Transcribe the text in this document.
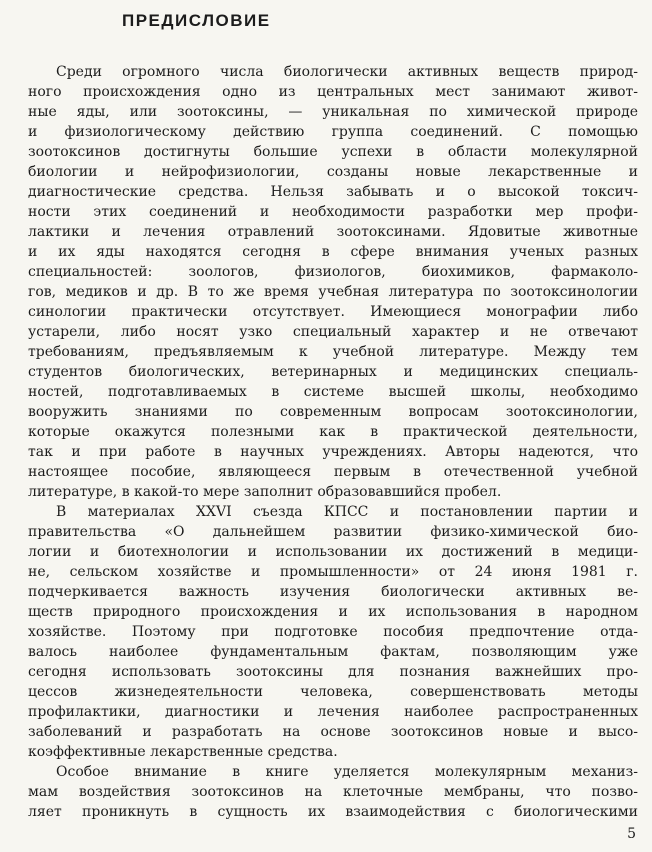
ПРЕДИСЛОВИЕ
Среди огромного числа биологически активных веществ природ-
ного происхождения одно из центральных мест занимают живот-
ные яды, или зоотоксины, — уникальная по химической природе
и физиологическому действию группа соединений. С помощью
зоотоксинов достигнуты большие успехи в области молекулярной
биологии и нейрофизиологии, созданы новые лекарственные и
диагностические средства. Нельзя забывать и о высокой токсич-
ности этих соединений и необходимости разработки мер профи-
лактики и лечения отравлений зоотоксинами. Ядовитые животные
и их яды находятся сегодня в сфере внимания ученых разных
специальностей: зоологов, физиологов, биохимиков, фармаколо-
гов, медиков и др. В то же время учебная литература по зоотоксинологии
синологии практически отсутствует. Имеющиеся монографии либо
устарели, либо носят узко специальный характер и не отвечают
требованиям, предъявляемым к учебной литературе. Между тем
студентов биологических, ветеринарных и медицинских специаль-
ностей, подготавливаемых в системе высшей школы, необходимо
вооружить знаниями по современным вопросам зоотоксинологии,
которые окажутся полезными как в практической деятельности,
так и при работе в научных учреждениях. Авторы надеются, что
настоящее пособие, являющееся первым в отечественной учебной
литературе, в какой-то мере заполнит образовавшийся пробел.
В материалах XXVI съезда КПСС и постановлении партии и
правительства «О дальнейшем развитии физико-химической био-
логии и биотехнологии и использовании их достижений в медици-
не, сельском хозяйстве и промышленности» от 24 июня 1981 г.
подчеркивается важность изучения биологически активных ве-
ществ природного происхождения и их использования в народном
хозяйстве. Поэтому при подготовке пособия предпочтение отда-
валось наиболее фундаментальным фактам, позволяющим уже
сегодня использовать зоотоксины для познания важнейших про-
цессов жизнедеятельности человека, совершенствовать методы
профилактики, диагностики и лечения наиболее распространенных
заболеваний и разработать на основе зоотоксинов новые и высо-
коэффективные лекарственные средства.
Особое внимание в книге уделяется молекулярным механиз-
мам воздействия зоотоксинов на клеточные мембраны, что позво-
ляет проникнуть в сущность их взаимодействия с биологическими
5
